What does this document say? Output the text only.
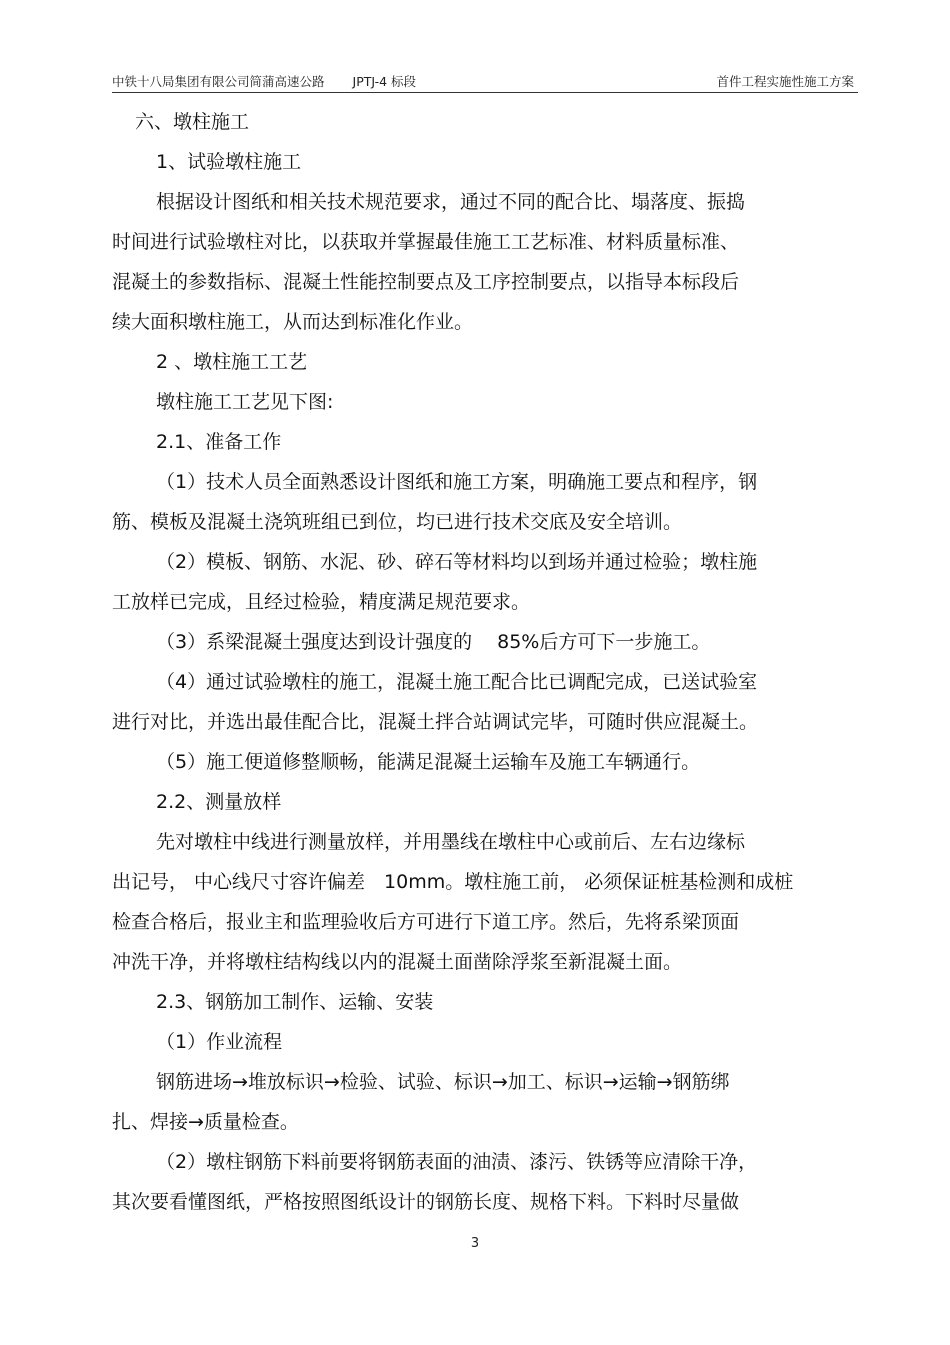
中铁十八局集团有限公司简蒲高速公路 JPTJ-4 标段	首件工程实施性施工方案
六、墩柱施工
1、试验墩柱施工
根据设计图纸和相关技术规范要求，通过不同的配合比、塌落度、振捣
时间进行试验墩柱对比，以获取并掌握最佳施工工艺标准、材料质量标准、
混凝土的参数指标、混凝土性能控制要点及工序控制要点，以指导本标段后
续大面积墩柱施工，从而达到标准化作业。
2 、墩柱施工工艺
墩柱施工工艺见下图:
2.1、准备工作
（1）技术人员全面熟悉设计图纸和施工方案，明确施工要点和程序，钢
筋、模板及混凝土浇筑班组已到位，均已进行技术交底及安全培训。
（2）模板、钢筋、水泥、砂、碎石等材料均以到场并通过检验；墩柱施
工放样已完成，且经过检验，精度满足规范要求。
（3）系梁混凝土强度达到设计强度的　 85%后方可下一步施工。
（4）通过试验墩柱的施工，混凝土施工配合比已调配完成，已送试验室
进行对比，并选出最佳配合比，混凝土拌合站调试完毕，可随时供应混凝土。
（5）施工便道修整顺畅，能满足混凝土运输车及施工车辆通行。
2.2、测量放样
先对墩柱中线进行测量放样，并用墨线在墩柱中心或前后、左右边缘标
出记号， 中心线尺寸容许偏差　10mm。墩柱施工前， 必须保证桩基检测和成桩
检查合格后，报业主和监理验收后方可进行下道工序。然后，先将系梁顶面
冲洗干净，并将墩柱结构线以内的混凝土面凿除浮浆至新混凝土面。
2.3、钢筋加工制作、运输、安装
（1）作业流程
钢筋进场→堆放标识→检验、试验、标识→加工、标识→运输→钢筋绑
扎、焊接→质量检查。
（2）墩柱钢筋下料前要将钢筋表面的油渍、漆污、铁锈等应清除干净，
其次要看懂图纸，严格按照图纸设计的钢筋长度、规格下料。下料时尽量做
3
